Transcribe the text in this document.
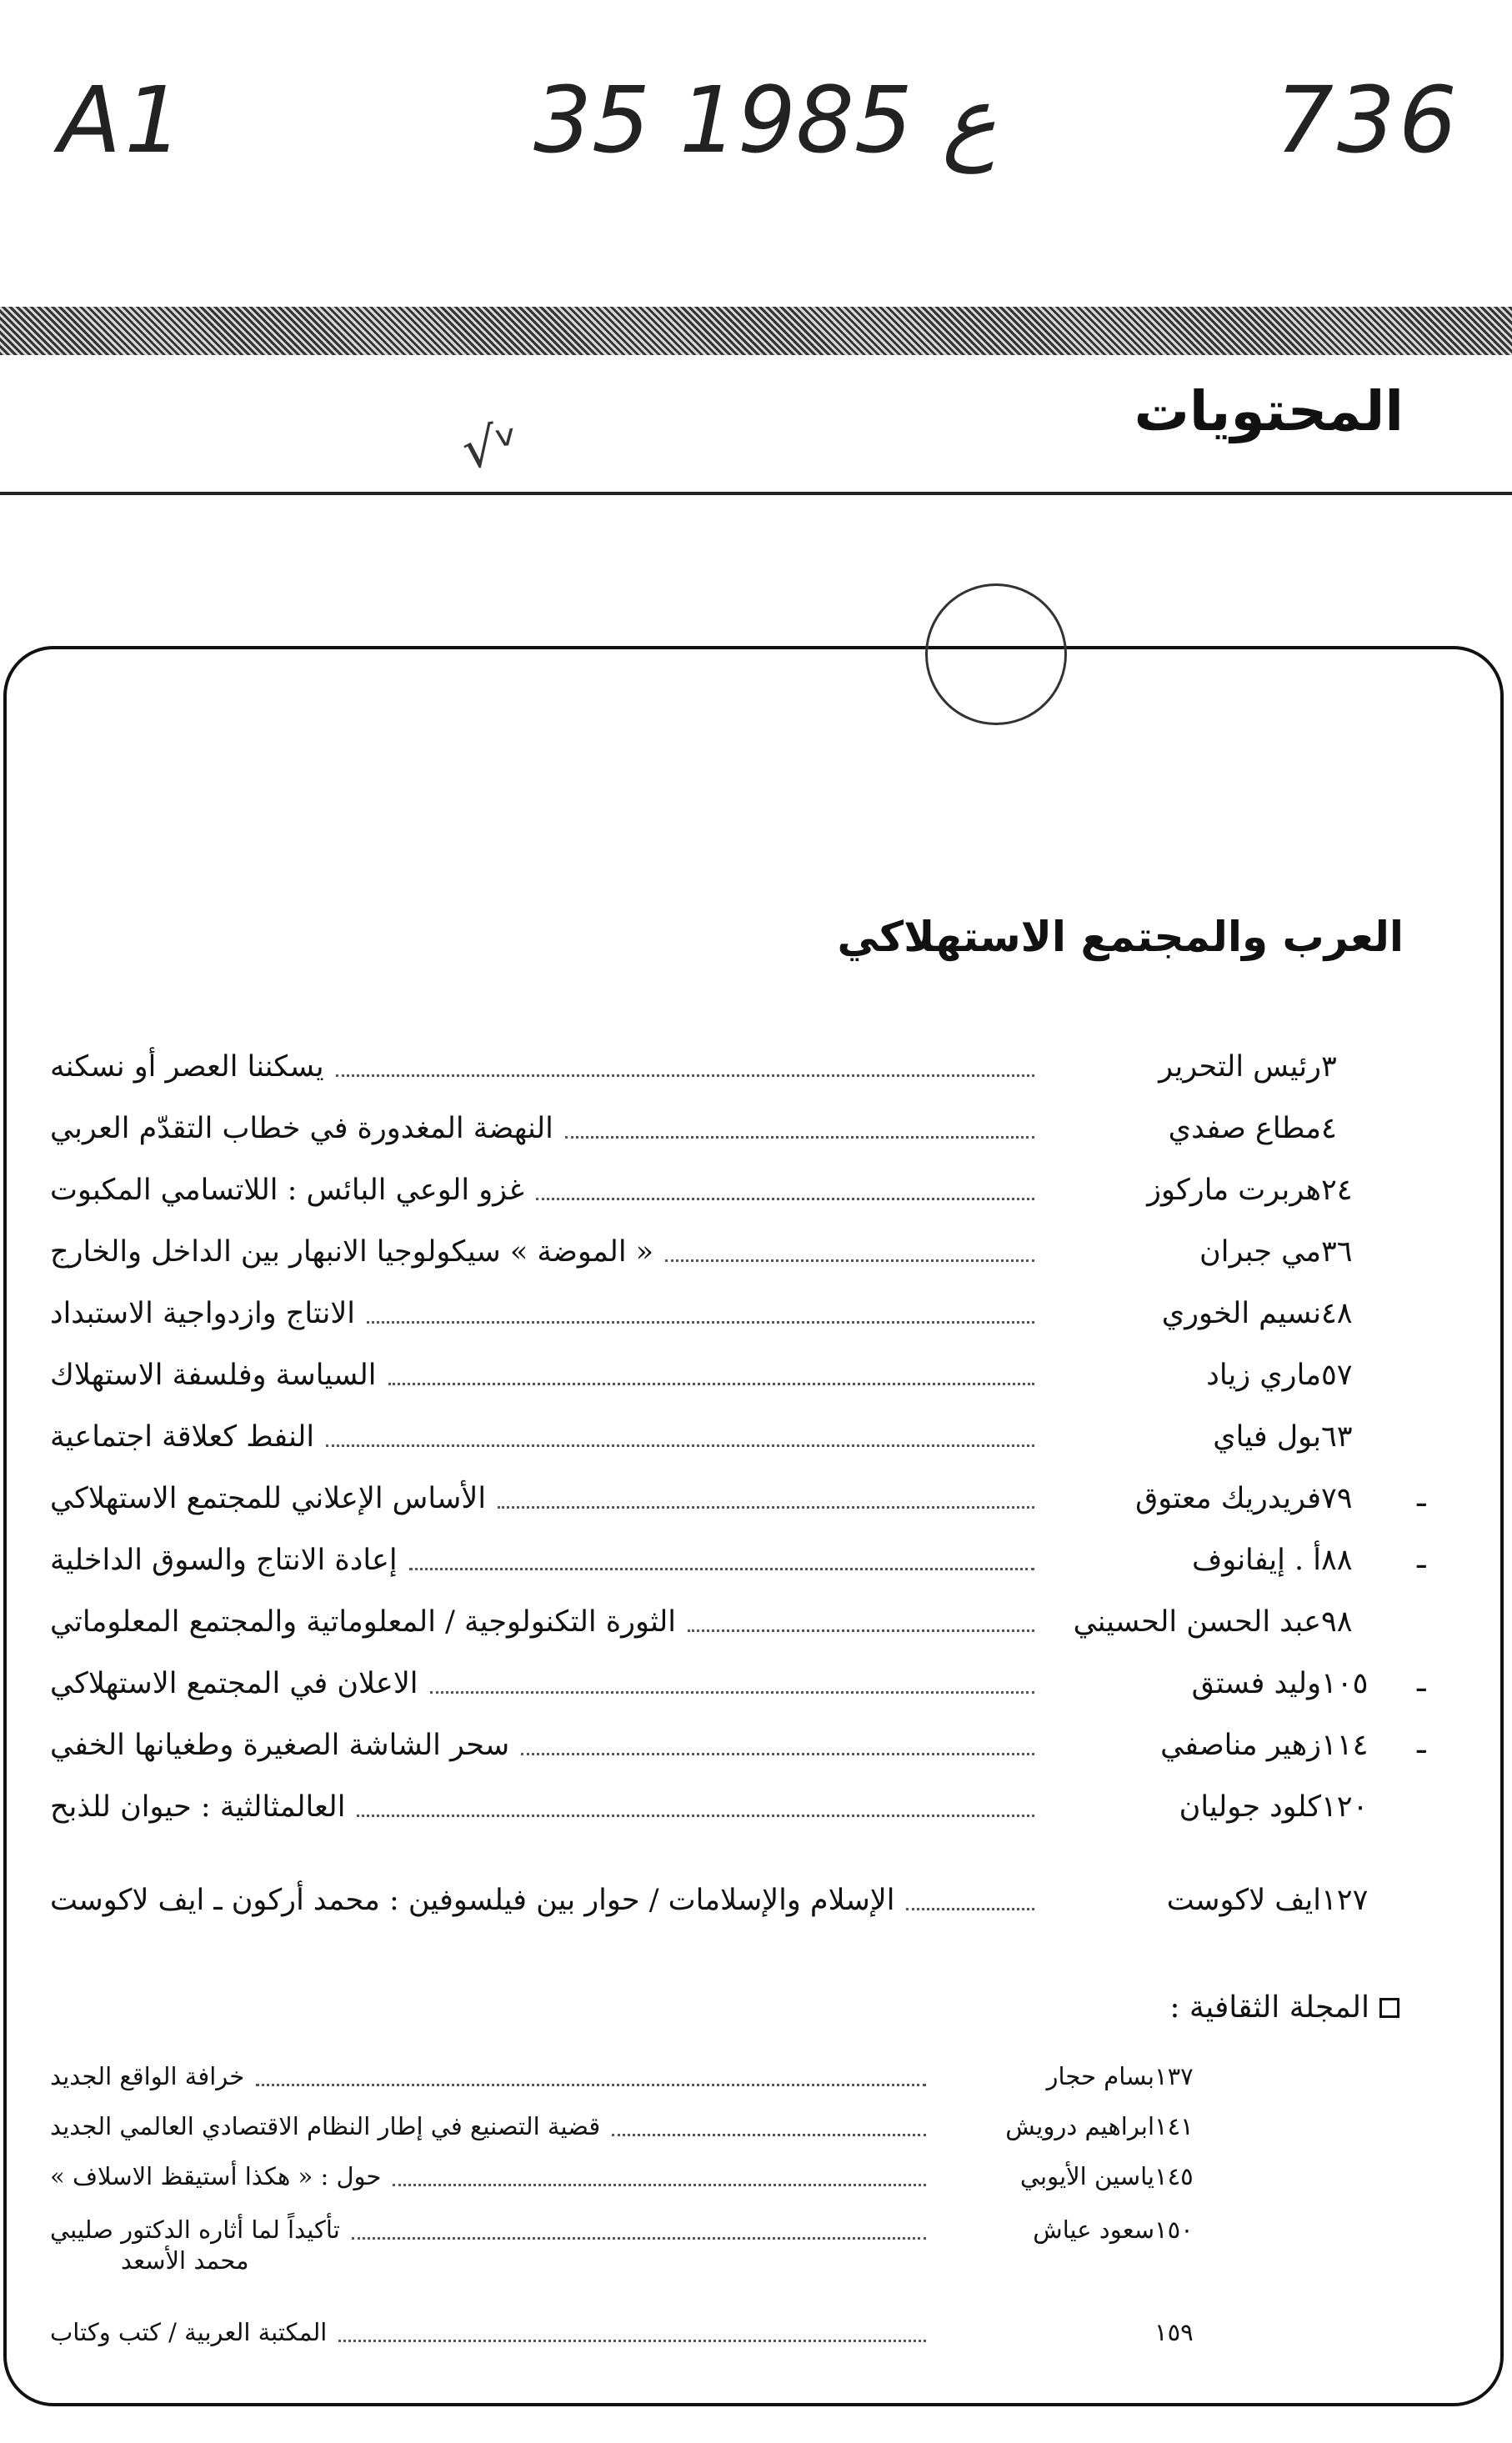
A1	35 ع 1985	736
المحتويات
√ᵛ
العرب والمجتمع الاستهلاكي
يسكننا العصر أو نسكنه	رئيس التحرير ٣
النهضة المغدورة في خطاب التقدّم العربي	مطاع صفدي ٤
غزو الوعي البائس : اللاتسامي المكبوت	هربرت ماركوز ٢٤
« الموضة » سيكولوجيا الانبهار بين الداخل والخارج	مي جبران ٣٦
الانتاج وازدواجية الاستبداد	نسيم الخوري ٤٨
السياسة وفلسفة الاستهلاك	ماري زياد ٥٧
النفط كعلاقة اجتماعية	بول فياي ٦٣
الأساس الإعلاني للمجتمع الاستهلاكي	فريدريك معتوق ٧٩
إعادة الانتاج والسوق الداخلية	أ . إيفانوف ٨٨
الثورة التكنولوجية / المعلوماتية والمجتمع المعلوماتي	عبد الحسن الحسيني ٩٨
الاعلان في المجتمع الاستهلاكي	وليد فستق ١٠٥
سحر الشاشة الصغيرة وطغيانها الخفي	زهير مناصفي ١١٤
العالمثالثية : حيوان للذبح	كلود جوليان ١٢٠
الإسلام والإسلامات / حوار بين فيلسوفين : محمد أركون ـ ايف لاكوست	ايف لاكوست ١٢٧
ـ
ـ
ـ
ـ
المجلة الثقافية :
خرافة الواقع الجديد	بسام حجار ١٣٧
قضية التصنيع في إطار النظام الاقتصادي العالمي الجديد	ابراهيم درويش ١٤١
حول : « هكذا أستيقظ الاسلاف »	ياسين الأيوبي ١٤٥
تأكيداً لما أثاره الدكتور صليبي	سعود عياش ١٥٠
محمد الأسعد
المكتبة العربية / كتب وكتاب	١٥٩
